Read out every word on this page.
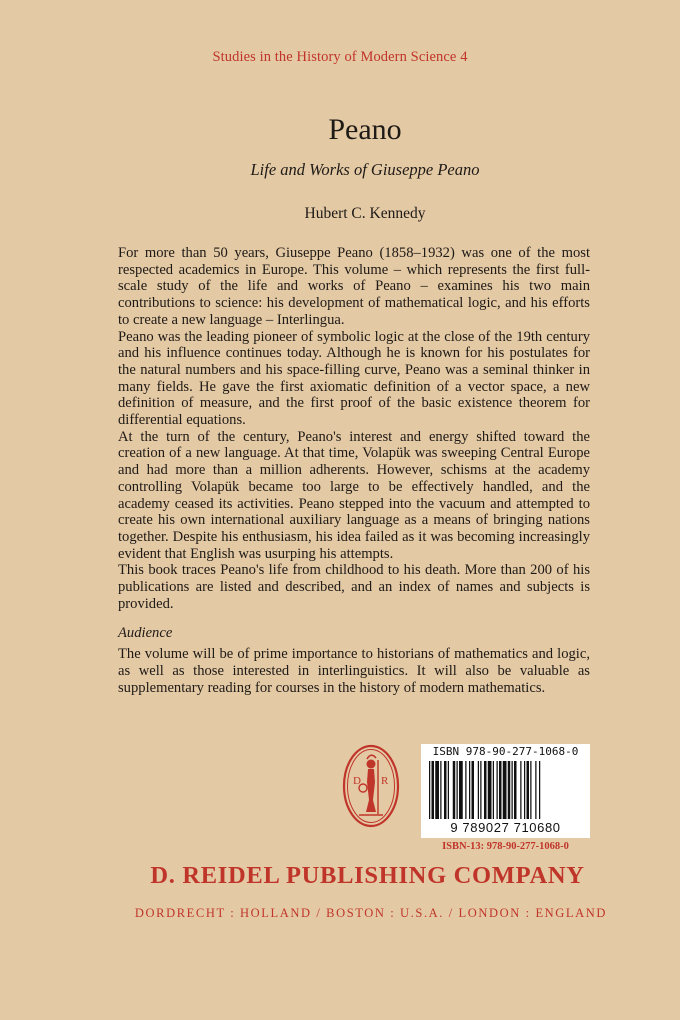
Studies in the History of Modern Science 4
Peano
Life and Works of Giuseppe Peano
Hubert C. Kennedy

For more than 50 years, Giuseppe Peano (1858–1932) was one of the most respected academics in Europe. This volume – which represents the first full-scale study of the life and works of Peano – examines his two main contributions to science: his development of mathematical logic, and his efforts to create a new language – Interlingua.

Peano was the leading pioneer of symbolic logic at the close of the 19th century and his influence continues today. Although he is known for his postulates for the natural numbers and his space-filling curve, Peano was a seminal thinker in many fields. He gave the first axiomatic definition of a vector space, a new definition of measure, and the first proof of the basic existence theorem for differential equations.

At the turn of the century, Peano's interest and energy shifted toward the creation of a new language. At that time, Volapük was sweeping Central Europe and had more than a million adherents. However, schisms at the academy controlling Volapük became too large to be effectively handled, and the academy ceased its activities. Peano stepped into the vacuum and attempted to create his own international auxiliary language as a means of bringing nations together. Despite his enthusiasm, his idea failed as it was becoming increasingly evident that English was usurping his attempts.

This book traces Peano's life from childhood to his death. More than 200 of his publications are listed and described, and an index of names and subjects is provided.

Audience

The volume will be of prime importance to historians of mathematics and logic, as well as those interested in interlinguistics. It will also be valuable as supplementary reading for courses in the history of modern mathematics.

D R
ISBN 978-90-277-1068-0
9 789027 710680
ISBN-13: 978-90-277-1068-0
D. REIDEL PUBLISHING COMPANY
DORDRECHT : HOLLAND / BOSTON : U.S.A. / LONDON : ENGLAND
